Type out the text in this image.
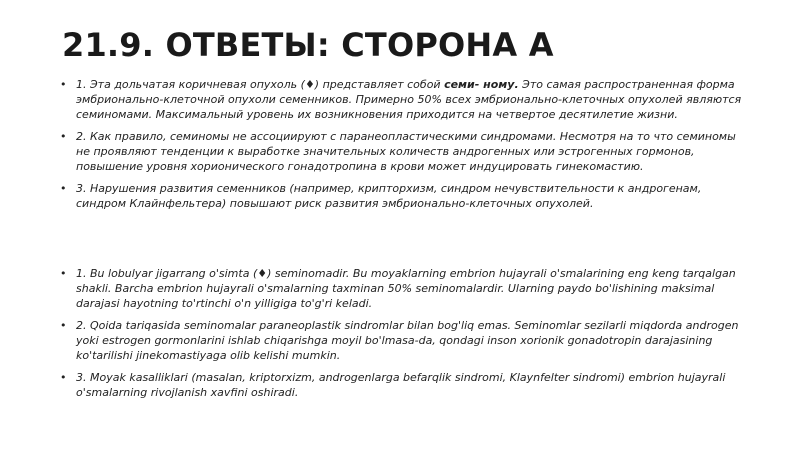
21.9. ОТВЕТЫ: СТОРОНА А
• 1. Эта дольчатая коричневая опухоль (♦) представляет собой семи- ному. Это самая распространенная форма эмбрионально-клеточной опухоли семенников. Примерно 50% всех эмбрионально-клеточных опухолей являются семиномами. Максимальный уровень их возникновения приходится на четвертое десятилетие жизни.
• 2. Как правило, семиномы не ассоциируют с паранеопластическими синдромами. Несмотря на то что семиномы не проявляют тенденции к выработке значительных количеств андрогенных или эстрогенных гормонов, повышение уровня хорионического гонадотропина в крови может индуцировать гинекомастию.
• 3. Нарушения развития семенников (например, крипторхизм, синдром нечувствительности к андрогенам, синдром Клайнфельтера) повышают риск развития эмбрионально-клеточных опухолей.
• 1. Bu lobulyar jigarrang o'simta (♦) seminomadir. Bu moyaklarning embrion hujayrali o'smalarining eng keng tarqalgan shakli. Barcha embrion hujayrali o'smalarning taxminan 50% seminomalardir. Ularning paydo bo'lishining maksimal darajasi hayotning to'rtinchi o'n yilligiga to'g'ri keladi.
• 2. Qoida tariqasida seminomalar paraneoplastik sindromlar bilan bog'liq emas. Seminomlar sezilarli miqdorda androgen yoki estrogen gormonlarini ishlab chiqarishga moyil bo'lmasa-da, qondagi inson xorionik gonadotropin darajasining ko'tarilishi jinekomastiyaga olib kelishi mumkin.
• 3. Moyak kasalliklari (masalan, kriptorxizm, androgenlarga befarqlik sindromi, Klaynfelter sindromi) embrion hujayrali o'smalarning rivojlanish xavfini oshiradi.
